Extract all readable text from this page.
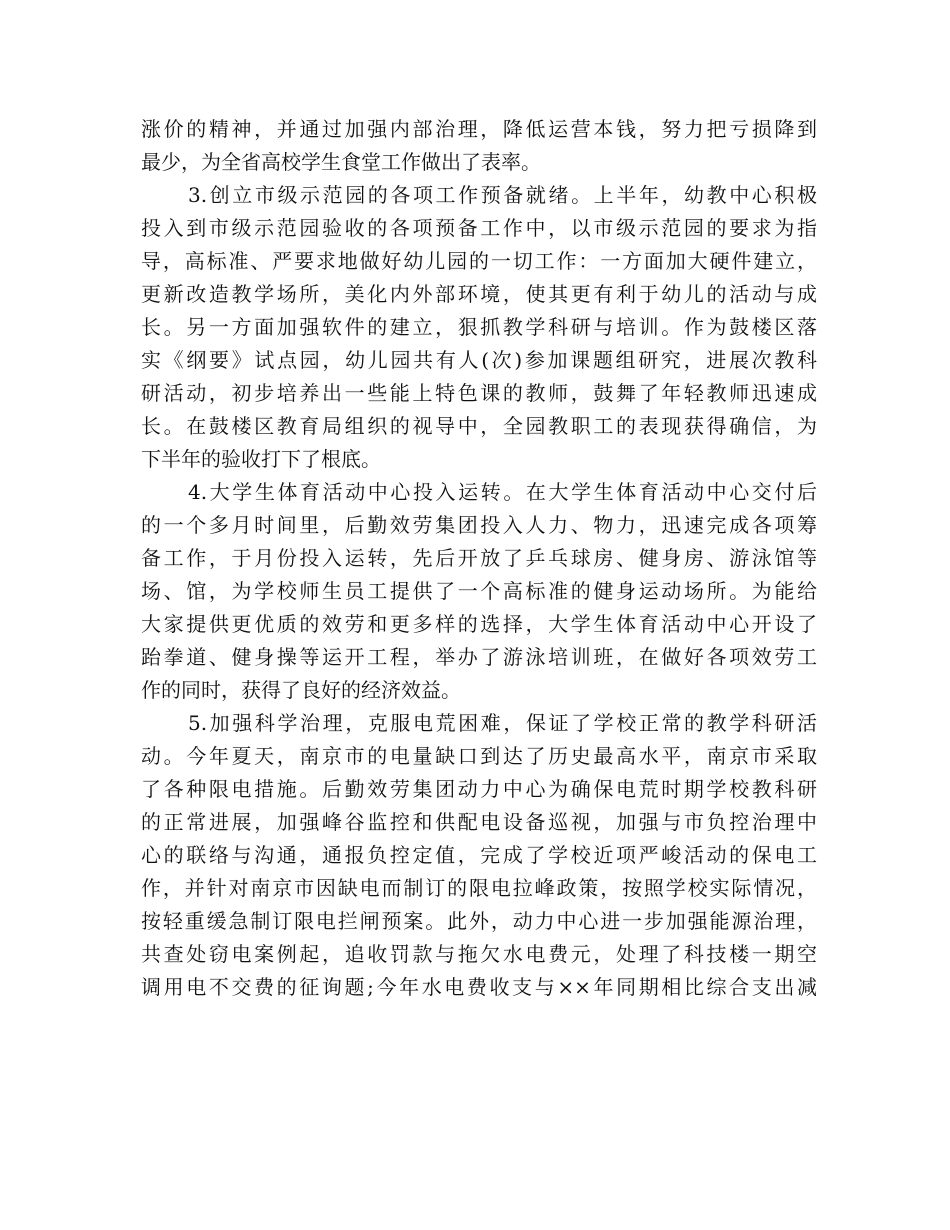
涨价的精神，并通过加强内部治理，降低运营本钱，努力把亏损降到
最少，为全省高校学生食堂工作做出了表率。
3.创立市级示范园的各项工作预备就绪。上半年，幼教中心积极
投入到市级示范园验收的各项预备工作中，以市级示范园的要求为指
导，高标准、严要求地做好幼儿园的一切工作：一方面加大硬件建立，
更新改造教学场所，美化内外部环境，使其更有利于幼儿的活动与成
长。另一方面加强软件的建立，狠抓教学科研与培训。作为鼓楼区落
实《纲要》试点园，幼儿园共有人(次)参加课题组研究，进展次教科
研活动，初步培养出一些能上特色课的教师，鼓舞了年轻教师迅速成
长。在鼓楼区教育局组织的视导中，全园教职工的表现获得确信，为
下半年的验收打下了根底。
4.大学生体育活动中心投入运转。在大学生体育活动中心交付后
的一个多月时间里，后勤效劳集团投入人力、物力，迅速完成各项筹
备工作，于月份投入运转，先后开放了乒乓球房、健身房、游泳馆等
场、馆，为学校师生员工提供了一个高标准的健身运动场所。为能给
大家提供更优质的效劳和更多样的选择，大学生体育活动中心开设了
跆拳道、健身操等运开工程，举办了游泳培训班，在做好各项效劳工
作的同时，获得了良好的经济效益。
5.加强科学治理，克服电荒困难，保证了学校正常的教学科研活
动。今年夏天，南京市的电量缺口到达了历史最高水平，南京市采取
了各种限电措施。后勤效劳集团动力中心为确保电荒时期学校教科研
的正常进展，加强峰谷监控和供配电设备巡视，加强与市负控治理中
心的联络与沟通，通报负控定值，完成了学校近项严峻活动的保电工
作，并针对南京市因缺电而制订的限电拉峰政策，按照学校实际情况，
按轻重缓急制订限电拦闸预案。此外，动力中心进一步加强能源治理，
共查处窃电案例起，追收罚款与拖欠水电费元，处理了科技楼一期空
调用电不交费的征询题;今年水电费收支与××年同期相比综合支出减
